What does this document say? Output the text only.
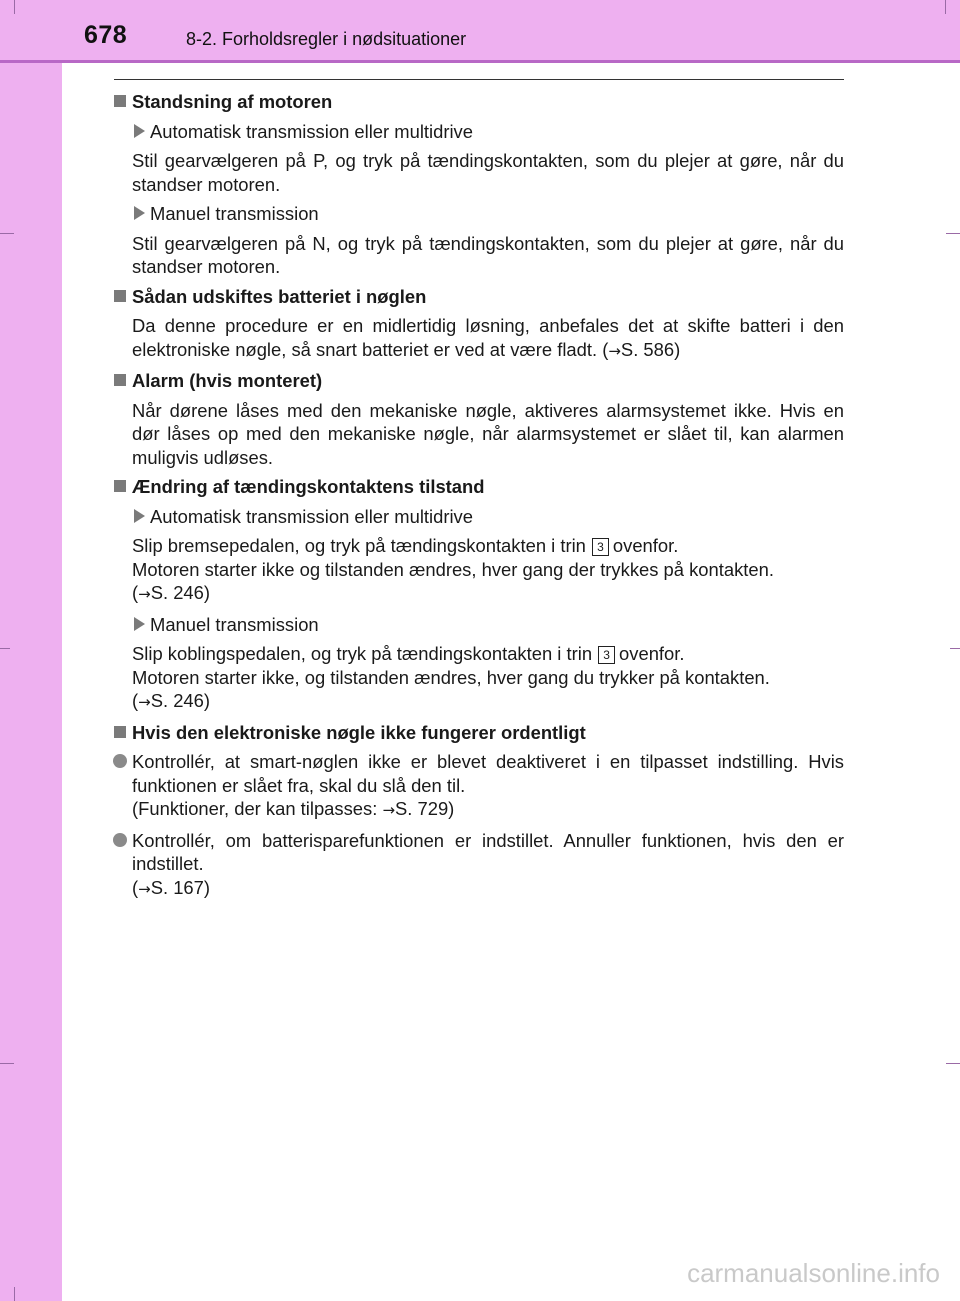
678	8-2. Forholdsregler i nødsituationer
Standsning af motoren
Automatisk transmission eller multidrive
Stil gearvælgeren på P, og tryk på tændingskontakten, som du plejer at gøre, når du standser motoren.
Manuel transmission
Stil gearvælgeren på N, og tryk på tændingskontakten, som du plejer at gøre, når du standser motoren.
Sådan udskiftes batteriet i nøglen
Da denne procedure er en midlertidig løsning, anbefales det at skifte batteri i den elektroniske nøgle, så snart batteriet er ved at være fladt. (→S. 586)
Alarm (hvis monteret)
Når dørene låses med den mekaniske nøgle, aktiveres alarmsystemet ikke. Hvis en dør låses op med den mekaniske nøgle, når alarmsystemet er slået til, kan alarmen muligvis udløses.
Ændring af tændingskontaktens tilstand
Automatisk transmission eller multidrive
Slip bremsepedalen, og tryk på tændingskontakten i trin 3 ovenfor.
Motoren starter ikke og tilstanden ændres, hver gang der trykkes på kontakten.
(→S. 246)
Manuel transmission
Slip koblingspedalen, og tryk på tændingskontakten i trin 3 ovenfor.
Motoren starter ikke, og tilstanden ændres, hver gang du trykker på kontakten.
(→S. 246)
Hvis den elektroniske nøgle ikke fungerer ordentligt
Kontrollér, at smart-nøglen ikke er blevet deaktiveret i en tilpasset indstilling. Hvis funktionen er slået fra, skal du slå den til.
(Funktioner, der kan tilpasses: →S. 729)
Kontrollér, om batterisparefunktionen er indstillet. Annuller funktionen, hvis den er indstillet.
(→S. 167)
carmanualsonline.info
